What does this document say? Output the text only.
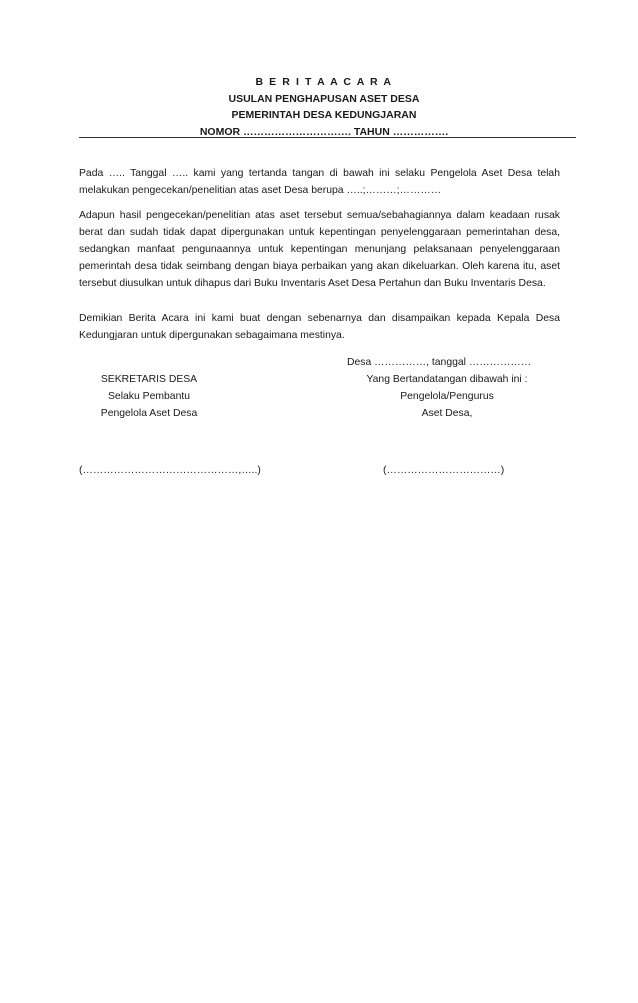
B E R I T A A C A R A
USULAN PENGHAPUSAN ASET DESA
PEMERINTAH DESA KEDUNGJARAN
NOMOR …………………………. TAHUN …………….
Pada ….. Tanggal ….. kami yang tertanda tangan di bawah ini selaku Pengelola Aset Desa telah melakukan pengecekan/penelitian atas aset Desa berupa …..;………;…………
Adapun hasil pengecekan/penelitian atas aset tersebut semua/sebahagiannya dalam keadaan rusak berat dan sudah tidak dapat dipergunakan untuk kepentingan penyelenggaraan pemerintahan desa, sedangkan manfaat pengunaannya untuk kepentingan menunjang pelaksanaan penyelenggaraan pemerintah desa tidak seimbang dengan biaya perbaikan yang akan dikeluarkan. Oleh karena itu, aset tersebut diusulkan untuk dihapus dari Buku Inventaris Aset Desa Pertahun dan Buku Inventaris Desa.
Demikian Berita Acara ini kami buat dengan sebenarnya dan disampaikan kepada Kepala Desa Kedungjaran untuk dipergunakan sebagaimana mestinya.
Desa ……………, tanggal ………………
Yang Bertandatangan dibawah ini :
Pengelola/Pengurus
Aset Desa,
SEKRETARIS DESA
Selaku Pembantu
Pengelola Aset Desa
(………………………………………,…..)	(……………………………)
